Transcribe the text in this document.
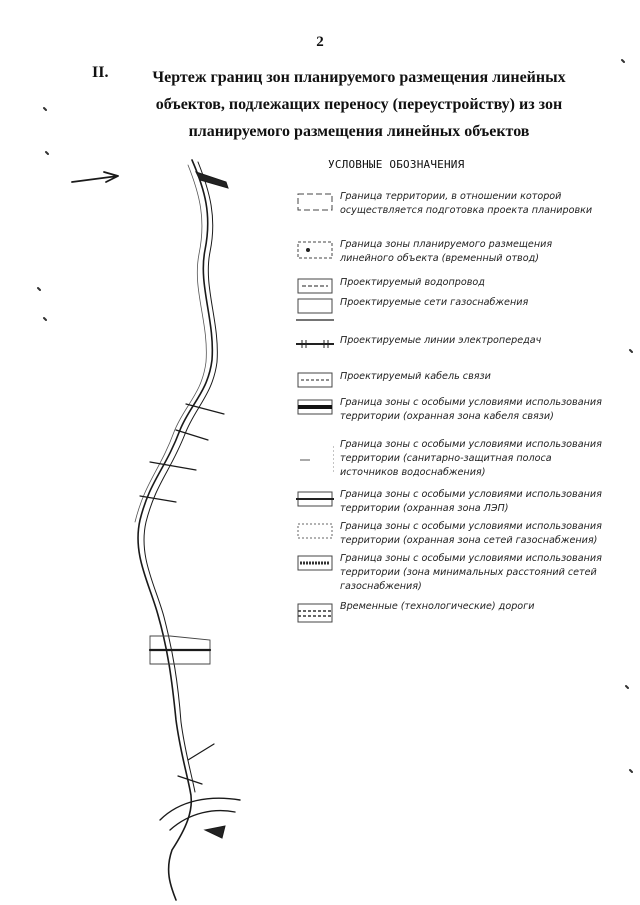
2
II.	Чертеж границ зон планируемого размещения линейных объектов, подлежащих переносу (переустройству) из зон планируемого размещения линейных объектов
УСЛОВНЫЕ ОБОЗНАЧЕНИЯ
Граница территории, в отношении которой осуществляется подготовка проекта планировки
Граница зоны планируемого размещения линейного объекта (временный отвод)
Проектируемый водопровод
Проектируемые сети газоснабжения
Проектируемые линии электропередач
Проектируемый кабель связи
Граница зоны с особыми условиями использования территории (охранная зона кабеля связи)
Граница зоны с особыми условиями использования территории (санитарно-защитная полоса источников водоснабжения)
Граница зоны с особыми условиями использования территории (охранная зона ЛЭП)
Граница зоны с особыми условиями использования территории (охранная зона сетей газоснабжения)
Граница зоны с особыми условиями использования территории (зона минимальных расстояний сетей газоснабжения)
Временные (технологические) дороги
